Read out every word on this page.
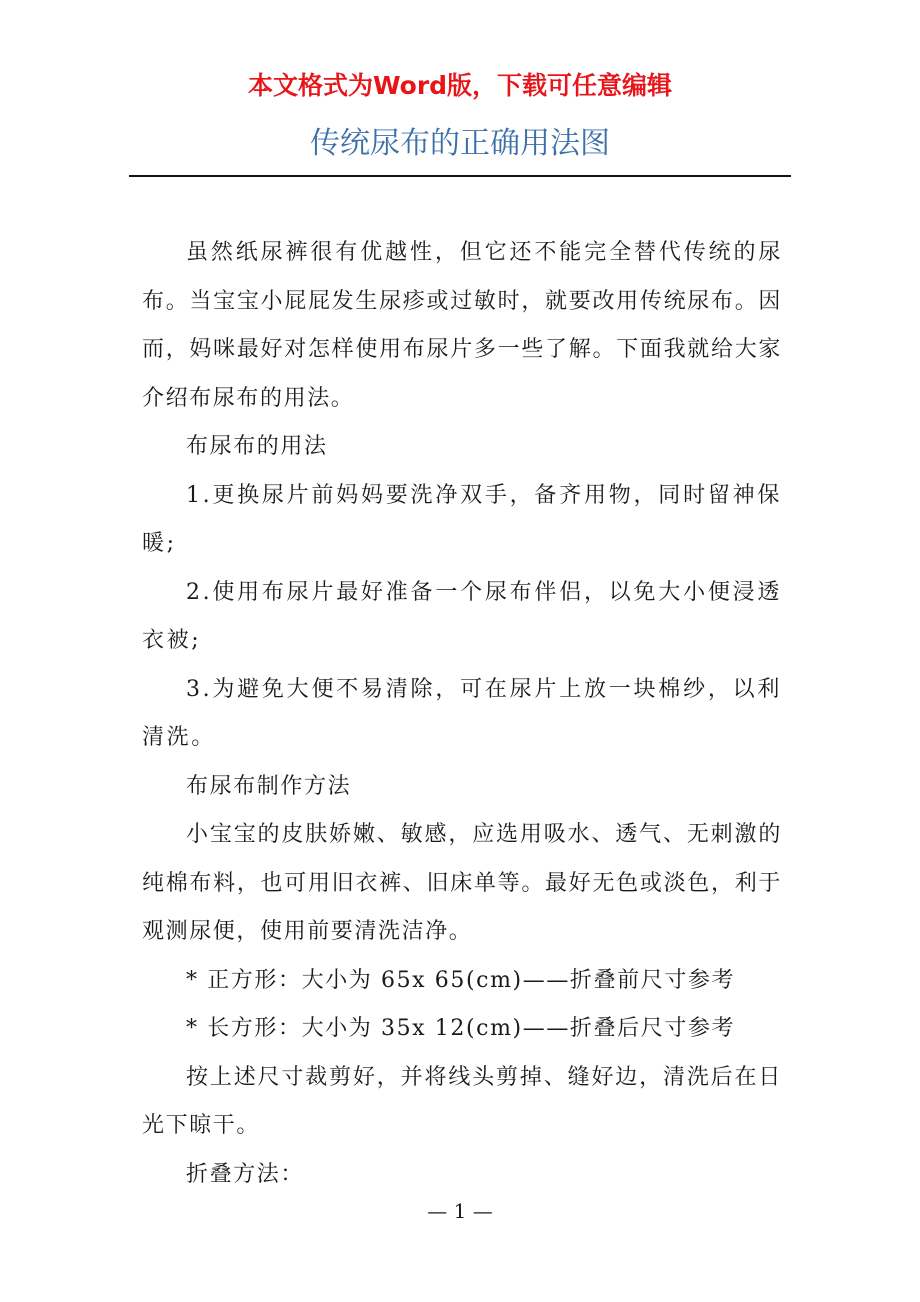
本文格式为Word版，下载可任意编辑
传统尿布的正确用法图

虽然纸尿裤很有优越性，但它还不能完全替代传统的尿布。当宝宝小屁屁发生尿疹或过敏时，就要改用传统尿布。因而，妈咪最好对怎样使用布尿片多一些了解。下面我就给大家介绍布尿布的用法。

布尿布的用法

1.更换尿片前妈妈要洗净双手，备齐用物，同时留神保暖;

2.使用布尿片最好准备一个尿布伴侣，以免大小便浸透衣被;

3.为避免大便不易清除，可在尿片上放一块棉纱，以利清洗。

布尿布制作方法

小宝宝的皮肤娇嫩、敏感，应选用吸水、透气、无刺激的纯棉布料，也可用旧衣裤、旧床单等。最好无色或淡色，利于观测尿便，使用前要清洗洁净。

* 正方形：大小为 65x 65(cm)——折叠前尺寸参考

* 长方形：大小为 35x 12(cm)——折叠后尺寸参考

按上述尺寸裁剪好，并将线头剪掉、缝好边，清洗后在日光下晾干。

折叠方法：

— 1 —
